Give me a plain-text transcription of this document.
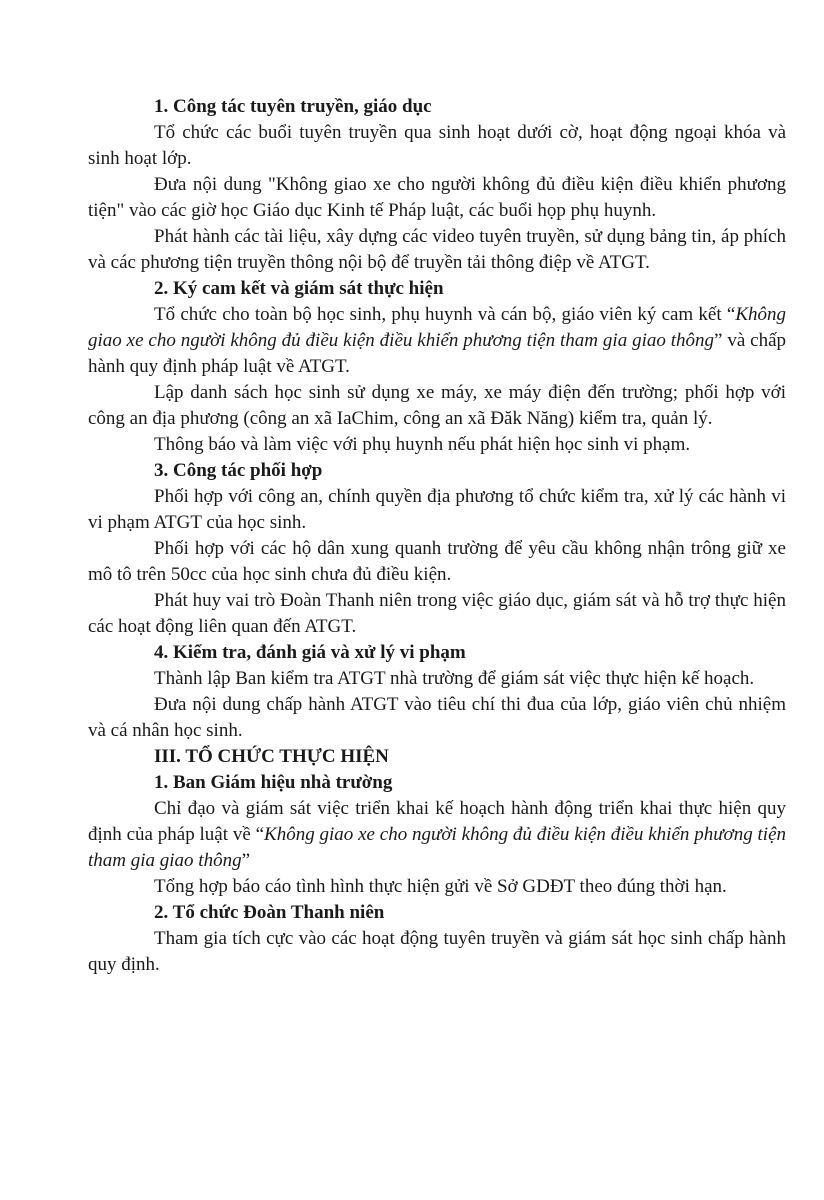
1. Công tác tuyên truyền, giáo dục

Tổ chức các buổi tuyên truyền qua sinh hoạt dưới cờ, hoạt động ngoại khóa và sinh hoạt lớp.

Đưa nội dung "Không giao xe cho người không đủ điều kiện điều khiển phương tiện" vào các giờ học Giáo dục Kinh tế Pháp luật, các buổi họp phụ huynh.

Phát hành các tài liệu, xây dựng các video tuyên truyền, sử dụng bảng tin, áp phích và các phương tiện truyền thông nội bộ để truyền tải thông điệp về ATGT.

2. Ký cam kết và giám sát thực hiện

Tổ chức cho toàn bộ học sinh, phụ huynh và cán bộ, giáo viên ký cam kết “Không giao xe cho người không đủ điều kiện điều khiển phương tiện tham gia giao thông” và chấp hành quy định pháp luật về ATGT.

Lập danh sách học sinh sử dụng xe máy, xe máy điện đến trường; phối hợp với công an địa phương (công an xã IaChim, công an xã Đăk Năng) kiểm tra, quản lý.

Thông báo và làm việc với phụ huynh nếu phát hiện học sinh vi phạm.

3. Công tác phối hợp

Phối hợp với công an, chính quyền địa phương tổ chức kiểm tra, xử lý các hành vi vi phạm ATGT của học sinh.

Phối hợp với các hộ dân xung quanh trường để yêu cầu không nhận trông giữ xe mô tô trên 50cc của học sinh chưa đủ điều kiện.

Phát huy vai trò Đoàn Thanh niên trong việc giáo dục, giám sát và hỗ trợ thực hiện các hoạt động liên quan đến ATGT.

4. Kiểm tra, đánh giá và xử lý vi phạm

Thành lập Ban kiểm tra ATGT nhà trường để giám sát việc thực hiện kế hoạch.

Đưa nội dung chấp hành ATGT vào tiêu chí thi đua của lớp, giáo viên chủ nhiệm và cá nhân học sinh.

III. TỔ CHỨC THỰC HIỆN

1. Ban Giám hiệu nhà trường

Chỉ đạo và giám sát việc triển khai kế hoạch hành động triển khai thực hiện quy định của pháp luật về “Không giao xe cho người không đủ điều kiện điều khiển phương tiện tham gia giao thông”

Tổng hợp báo cáo tình hình thực hiện gửi về Sở GDĐT theo đúng thời hạn.

2. Tổ chức Đoàn Thanh niên

Tham gia tích cực vào các hoạt động tuyên truyền và giám sát học sinh chấp hành quy định.
